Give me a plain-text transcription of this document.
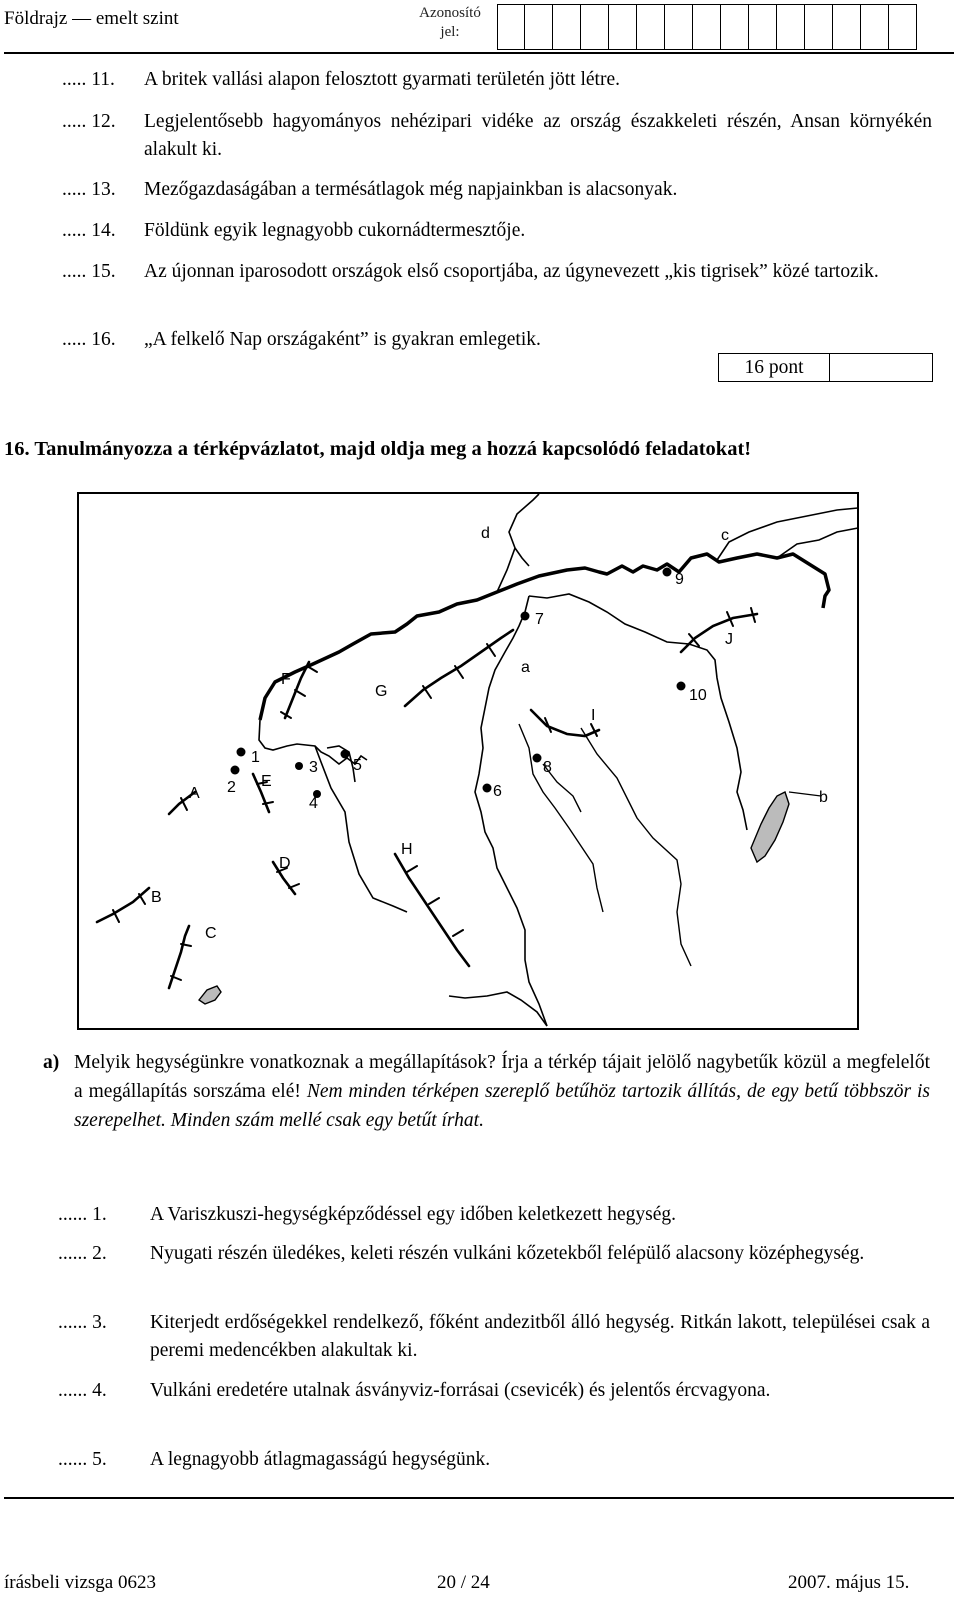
Földrajz — emelt szint	Azonosító
jel:
..... 11. A britek vallási alapon felosztott gyarmati területén jött létre.
..... 12. Legjelentősebb hagyományos nehézipari vidéke az ország északkeleti részén, Ansan környékén alakult ki.
..... 13. Mezőgazdaságában a termésátlagok még napjainkban is alacsonyak.
..... 14. Földünk egyik legnagyobb cukornádtermesztője.
..... 15. Az újonnan iparosodott országok első csoportjába, az úgynevezett „kis tigrisek” közé tartozik.
..... 16. „A felkelő Nap országaként” is gyakran emlegetik.
16 pont
16. Tanulmányozza a térképvázlatot, majd oldja meg a hozzá kapcsolódó feladatokat!
1
2
3
4
5
6
7
8
9
10
A
B
C
D
E
F
G
H
I
J
a
b
c
d
a) Melyik hegységünkre vonatkoznak a megállapítások? Írja a térkép tájait jelölő nagybetűk közül a megfelelőt a megállapítás sorszáma elé! Nem minden térképen szereplő betűhöz tartozik állítás, de egy betű többször is szerepelhet. Minden szám mellé csak egy betűt írhat.
...... 1. A Variszkuszi-hegységképződéssel egy időben keletkezett hegység.
...... 2. Nyugati részén üledékes, keleti részén vulkáni kőzetekből felépülő alacsony középhegység.
...... 3. Kiterjedt erdőségekkel rendelkező, főként andezitből álló hegység. Ritkán lakott, települései csak a peremi medencékben alakultak ki.
...... 4. Vulkáni eredetére utalnak ásványviz-forrásai (csevicék) és jelentős ércvagyona.
...... 5. A legnagyobb átlagmagasságú hegységünk.
írásbeli vizsga 0623	20 / 24	2007. május 15.
